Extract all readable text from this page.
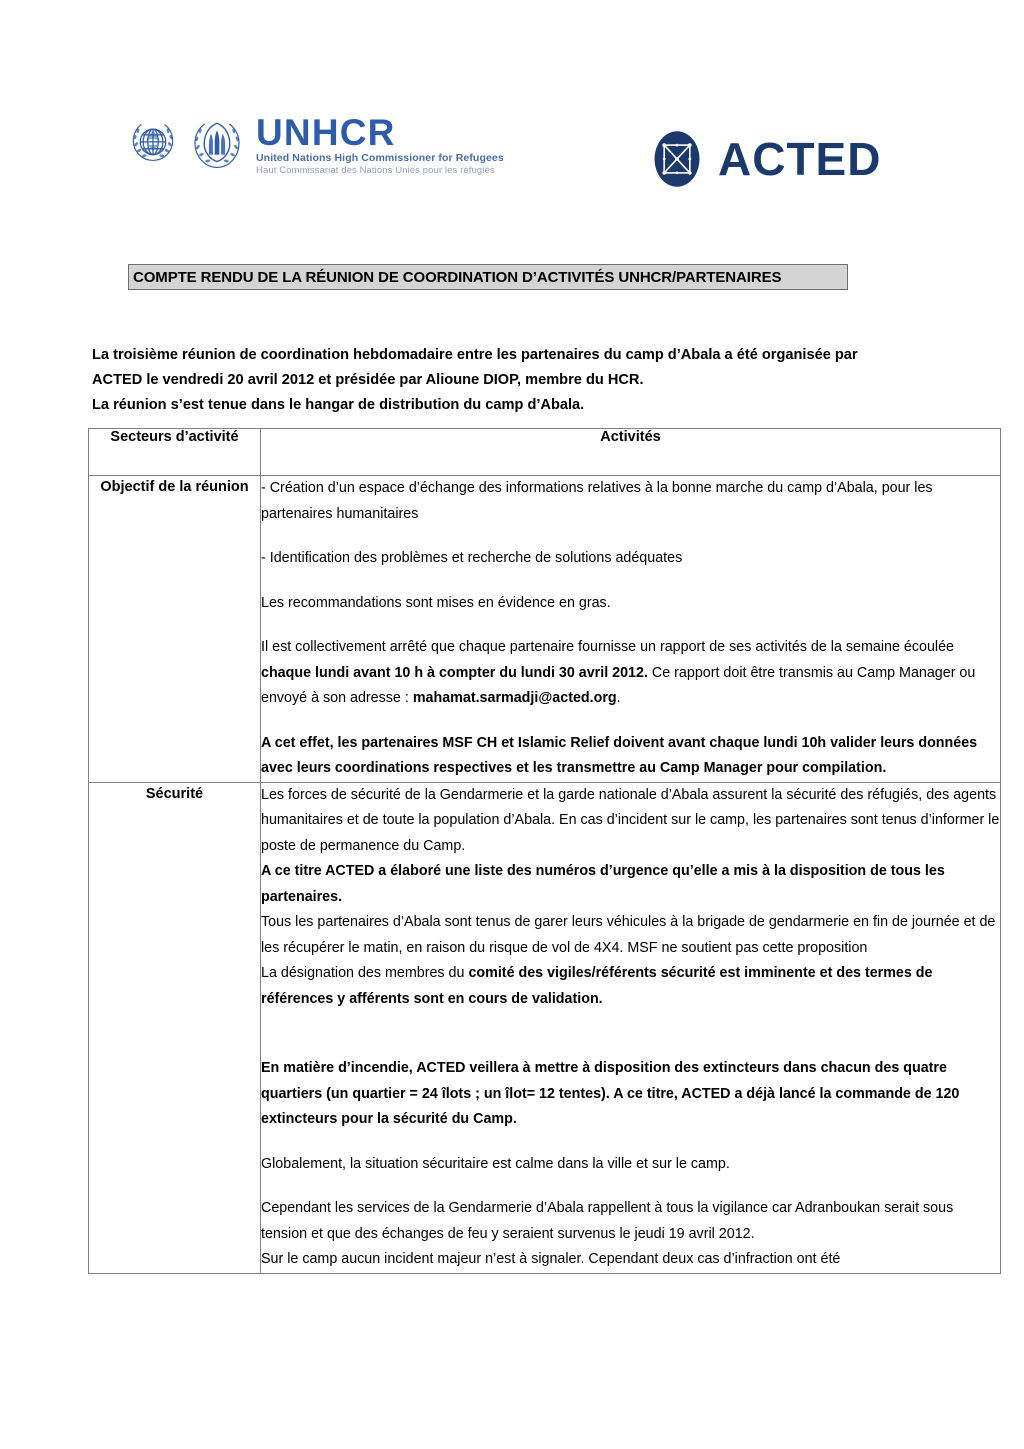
UNHCR
United Nations High Commissioner for Refugees
Haut Commissariat des Nations Unies pour les réfugiés	ACTED
COMPTE RENDU DE LA RÉUNION DE COORDINATION D’ACTIVITÉS UNHCR/PARTENAIRES

La troisième réunion de coordination hebdomadaire entre les partenaires du camp d’Abala a été organisée par

ACTED le vendredi 20 avril 2012 et présidée par Alioune DIOP, membre du HCR.

La réunion s’est tenue dans le hangar de distribution du camp d’Abala.

Secteurs d’activité	Activités
Objectif de la réunion	- Création d’un espace d’échange des informations relatives à la bonne marche du camp d’Abala, pour les partenaires humanitaires

- Identification des problèmes et recherche de solutions adéquates

Les recommandations sont mises en évidence en gras.

Il est collectivement arrêté que chaque partenaire fournisse un rapport de ses activités de la semaine écoulée chaque lundi avant 10 h à compter du lundi 30 avril 2012. Ce rapport doit être transmis au Camp Manager ou envoyé à son adresse : mahamat.sarmadji@acted.org.

A cet effet, les partenaires MSF CH et Islamic Relief doivent avant chaque lundi 10h valider leurs données avec leurs coordinations respectives et les transmettre au Camp Manager pour compilation.

Sécurité	Les forces de sécurité de la Gendarmerie et la garde nationale d’Abala assurent la sécurité des réfugiés, des agents humanitaires et de toute la population d’Abala. En cas d’incident sur le camp, les partenaires sont tenus d’informer le poste de permanence du Camp.

A ce titre ACTED a élaboré une liste des numéros d’urgence qu’elle a mis à la disposition de tous les partenaires.

Tous les partenaires d’Abala sont tenus de garer leurs véhicules à la brigade de gendarmerie en fin de journée et de les récupérer le matin, en raison du risque de vol de 4X4. MSF ne soutient pas cette proposition

La désignation des membres du comité des vigiles/référents sécurité est imminente et des termes de références y afférents sont en cours de validation.

En matière d’incendie, ACTED veillera à mettre à disposition des extincteurs dans chacun des quatre quartiers (un quartier = 24 îlots ; un îlot= 12 tentes). A ce titre, ACTED a déjà lancé la commande de 120 extincteurs pour la sécurité du Camp.

Globalement, la situation sécuritaire est calme dans la ville et sur le camp.

Cependant les services de la Gendarmerie d’Abala rappellent à tous la vigilance car Adranboukan serait sous tension et que des échanges de feu y seraient survenus le jeudi 19 avril 2012.

Sur le camp aucun incident majeur n’est à signaler. Cependant deux cas d’infraction ont été
